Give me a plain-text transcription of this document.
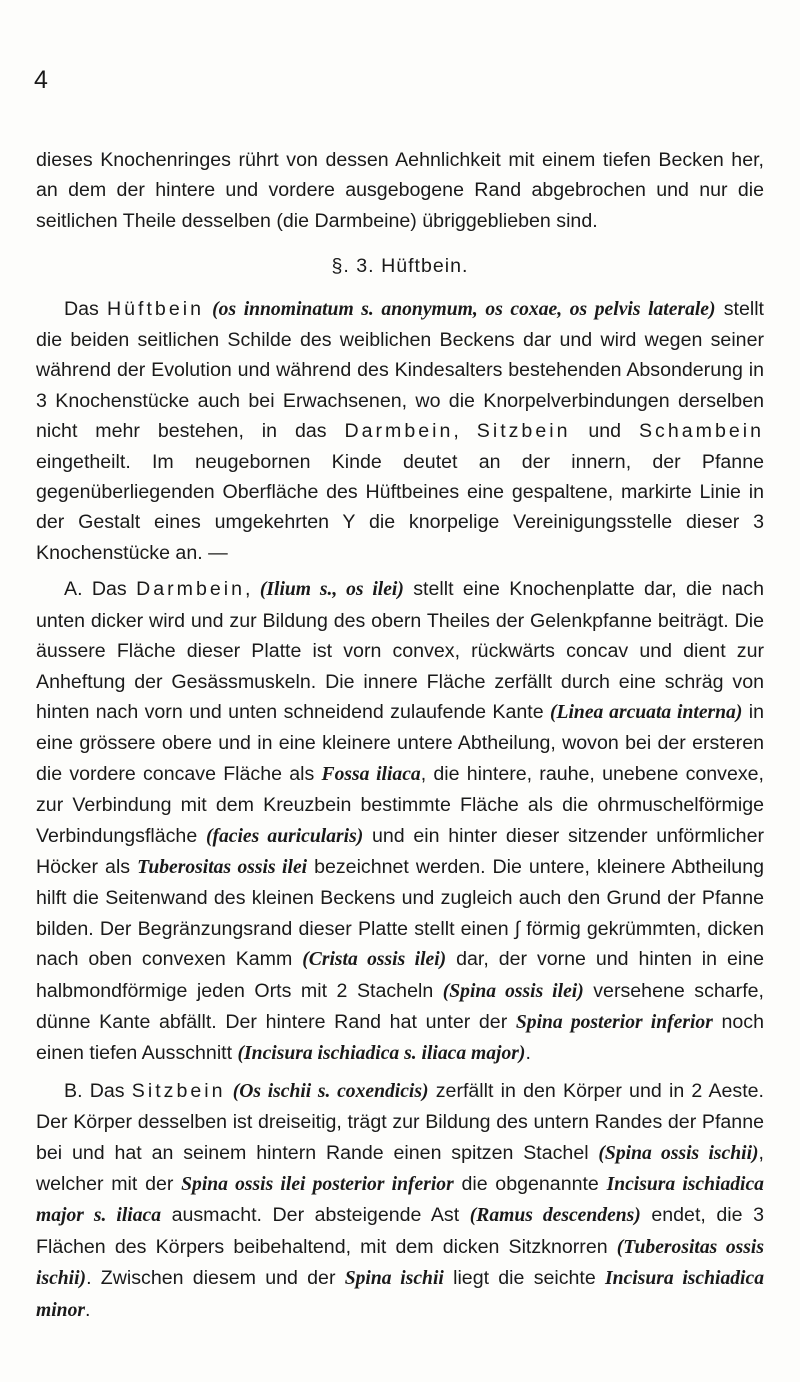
4

dieses Knochenringes rührt von dessen Aehnlichkeit mit einem tiefen Becken her, an dem der hintere und vordere ausgebogene Rand abgebrochen und nur die seitlichen Theile desselben (die Darmbeine) übriggeblieben sind.

§. 3. Hüftbein.

Das Hüftbein (os innominatum s. anonymum, os coxae, os pelvis laterale) stellt die beiden seitlichen Schilde des weiblichen Beckens dar und wird wegen seiner während der Evolution und während des Kindesalters bestehenden Absonderung in 3 Knochenstücke auch bei Erwachsenen, wo die Knorpelverbindungen derselben nicht mehr bestehen, in das Darmbein, Sitzbein und Schambein eingetheilt. Im neugebornen Kinde deutet an der innern, der Pfanne gegenüberliegenden Oberfläche des Hüftbeines eine gespaltene, markirte Linie in der Gestalt eines umgekehrten Y die knorpelige Vereinigungsstelle dieser 3 Knochenstücke an. —

A. Das Darmbein, (Ilium s., os ilei) stellt eine Knochenplatte dar, die nach unten dicker wird und zur Bildung des obern Theiles der Gelenkpfanne beiträgt. Die äussere Fläche dieser Platte ist vorn convex, rückwärts concav und dient zur Anheftung der Gesässmuskeln. Die innere Fläche zerfällt durch eine schräg von hinten nach vorn und unten schneidend zulaufende Kante (Linea arcuata interna) in eine grössere obere und in eine kleinere untere Abtheilung, wovon bei der ersteren die vordere concave Fläche als Fossa iliaca, die hintere, rauhe, unebene convexe, zur Verbindung mit dem Kreuzbein bestimmte Fläche als die ohrmuschelförmige Verbindungsfläche (facies auricularis) und ein hinter dieser sitzender unförmlicher Höcker als Tuberositas ossis ilei bezeichnet werden. Die untere, kleinere Abtheilung hilft die Seitenwand des kleinen Beckens und zugleich auch den Grund der Pfanne bilden. Der Begränzungsrand dieser Platte stellt einen ∫ förmig gekrümmten, dicken nach oben convexen Kamm (Crista ossis ilei) dar, der vorne und hinten in eine halbmondförmige jeden Orts mit 2 Stacheln (Spina ossis ilei) versehene scharfe, dünne Kante abfällt. Der hintere Rand hat unter der Spina posterior inferior noch einen tiefen Ausschnitt (Incisura ischiadica s. iliaca major).

B. Das Sitzbein (Os ischii s. coxendicis) zerfällt in den Körper und in 2 Aeste. Der Körper desselben ist dreiseitig, trägt zur Bildung des untern Randes der Pfanne bei und hat an seinem hintern Rande einen spitzen Stachel (Spina ossis ischii), welcher mit der Spina ossis ilei posterior inferior die obgenannte Incisura ischiadica major s. iliaca ausmacht. Der absteigende Ast (Ramus descendens) endet, die 3 Flächen des Körpers beibehaltend, mit dem dicken Sitzknorren (Tuberositas ossis ischii). Zwischen diesem und der Spina ischii liegt die seichte Incisura ischiadica minor.
